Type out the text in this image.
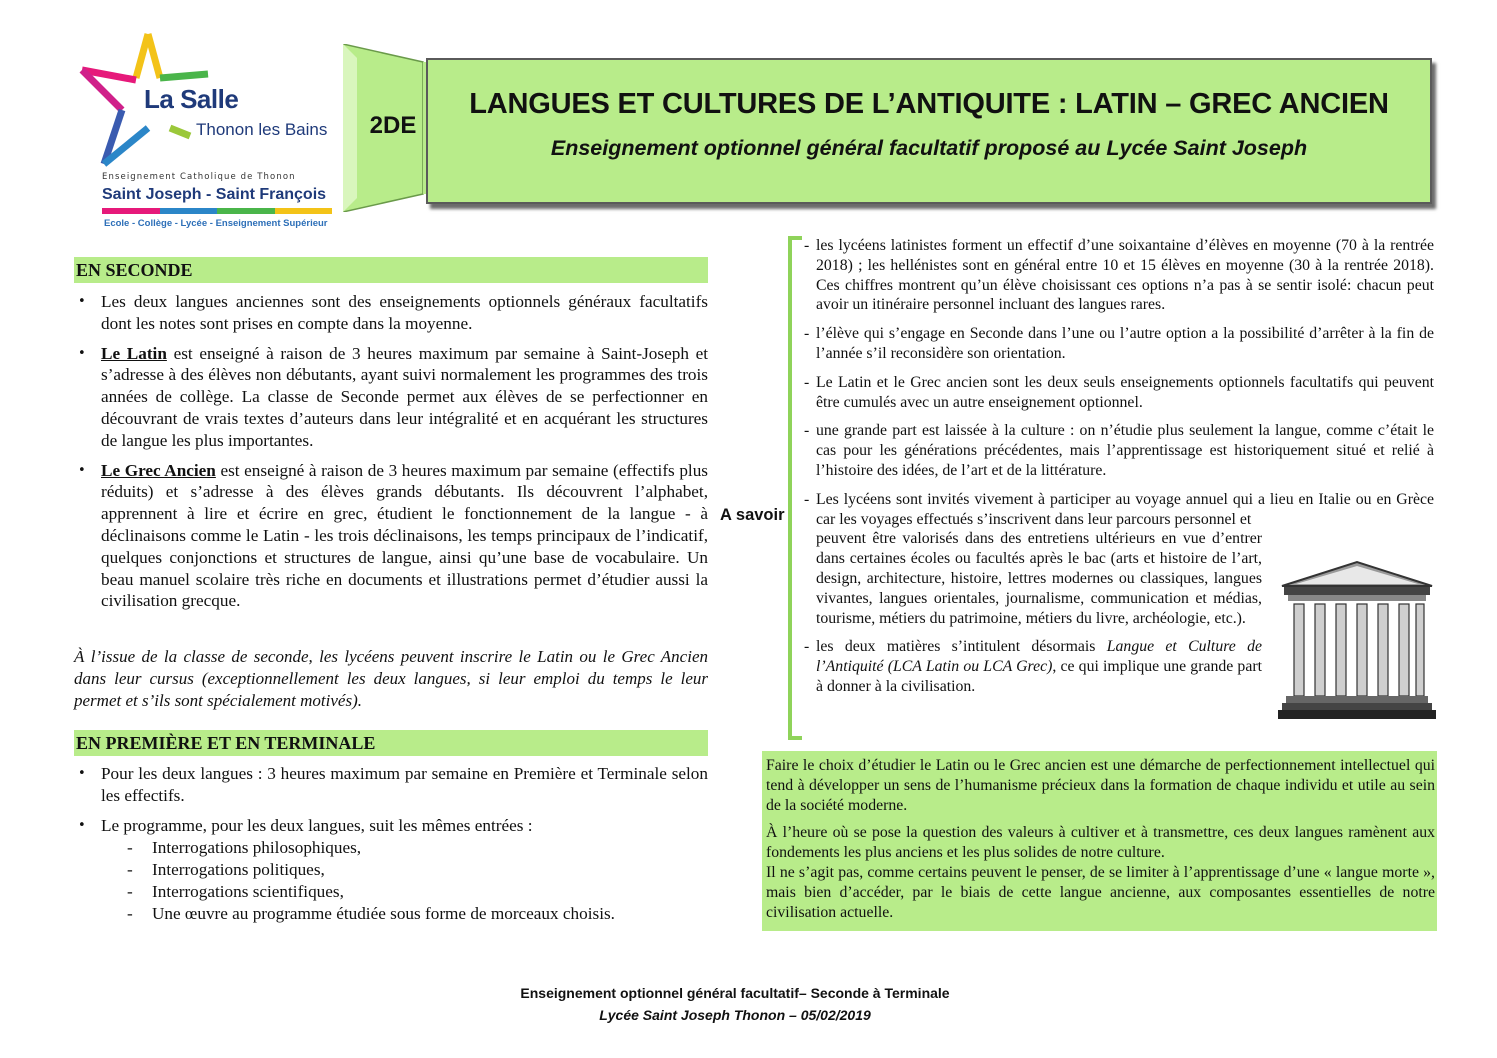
La Salle
Thonon les Bains
Enseignement Catholique de Thonon
Saint Joseph - Saint François
Ecole - Collège - Lycée - Enseignement Supérieur
2DE
LANGUES ET CULTURES DE L’ANTIQUITE : LATIN – GREC ANCIEN
Enseignement optionnel général facultatif proposé au Lycée Saint Joseph
EN SECONDE
• Les deux langues anciennes sont des enseignements optionnels généraux facultatifs dont les notes sont prises en compte dans la moyenne.
• Le Latin est enseigné à raison de 3 heures maximum par semaine à Saint-Joseph et s’adresse à des élèves non débutants, ayant suivi normalement les programmes des trois années de collège. La classe de Seconde permet aux élèves de se perfectionner en découvrant de vrais textes d’auteurs dans leur intégralité et en acquérant les structures de langue les plus importantes.
• Le Grec Ancien est enseigné à raison de 3 heures maximum par semaine (effectifs plus réduits) et s’adresse à des élèves grands débutants. Ils découvrent l’alphabet, apprennent à lire et écrire en grec, étudient le fonctionnement de la langue - à déclinaisons comme le Latin - les trois déclinaisons, les temps principaux de l’indicatif, quelques conjonctions et structures de langue, ainsi qu’une base de vocabulaire. Un beau manuel scolaire très riche en documents et illustrations permet d’étudier aussi la civilisation grecque.
À l’issue de la classe de seconde, les lycéens peuvent inscrire le Latin ou le Grec Ancien dans leur cursus (exceptionnellement les deux langues, si leur emploi du temps le leur permet et s’ils sont spécialement motivés).
EN PREMIÈRE ET EN TERMINALE
• Pour les deux langues : 3 heures maximum par semaine en Première et Terminale selon les effectifs.
• Le programme, pour les deux langues, suit les mêmes entrées :
- Interrogations philosophiques,
- Interrogations politiques,
- Interrogations scientifiques,
- Une œuvre au programme étudiée sous forme de morceaux choisis.
A savoir
- les lycéens latinistes forment un effectif d’une soixantaine d’élèves en moyenne (70 à la rentrée 2018) ; les hellénistes sont en général entre 10 et 15 élèves en moyenne (30 à la rentrée 2018). Ces chiffres montrent qu’un élève choisissant ces options n’a pas à se sentir isolé: chacun peut avoir un itinéraire personnel incluant des langues rares.
- l’élève qui s’engage en Seconde dans l’une ou l’autre option a la possibilité d’arrêter à la fin de l’année s’il reconsidère son orientation.
- Le Latin et le Grec ancien sont les deux seuls enseignements optionnels facultatifs qui peuvent être cumulés avec un autre enseignement optionnel.
- une grande part est laissée à la culture : on n’étudie plus seulement la langue, comme c’était le cas pour les générations précédentes, mais l’apprentissage est historiquement situé et relié à l’histoire des idées, de l’art et de la littérature.
- Les lycéens sont invités vivement à participer au voyage annuel qui a lieu en Italie ou en Grèce car les voyages effectués s’inscrivent dans leur parcours personnel et
peuvent être valorisés dans des entretiens ultérieurs en vue d’entrer dans certaines écoles ou facultés après le bac (arts et histoire de l’art, design, architecture, histoire, lettres modernes ou classiques, langues vivantes, langues orientales, journalisme, communication et médias, tourisme, métiers du patrimoine, métiers du livre, archéologie, etc.).
- les deux matières s’intitulent désormais Langue et Culture de l’Antiquité (LCA Latin ou LCA Grec), ce qui implique une grande part à donner à la civilisation.

Faire le choix d’étudier le Latin ou le Grec ancien est une démarche de perfectionnement intellectuel qui tend à développer un sens de l’humanisme précieux dans la formation de chaque individu et utile au sein de la société moderne.

À l’heure où se pose la question des valeurs à cultiver et à transmettre, ces deux langues ramènent aux fondements les plus anciens et les plus solides de notre culture.

Il ne s’agit pas, comme certains peuvent le penser, de se limiter à l’apprentissage d’une « langue morte », mais bien d’accéder, par le biais de cette langue ancienne, aux composantes essentielles de notre civilisation actuelle.

Enseignement optionnel général facultatif– Seconde à Terminale
Lycée Saint Joseph Thonon – 05/02/2019
